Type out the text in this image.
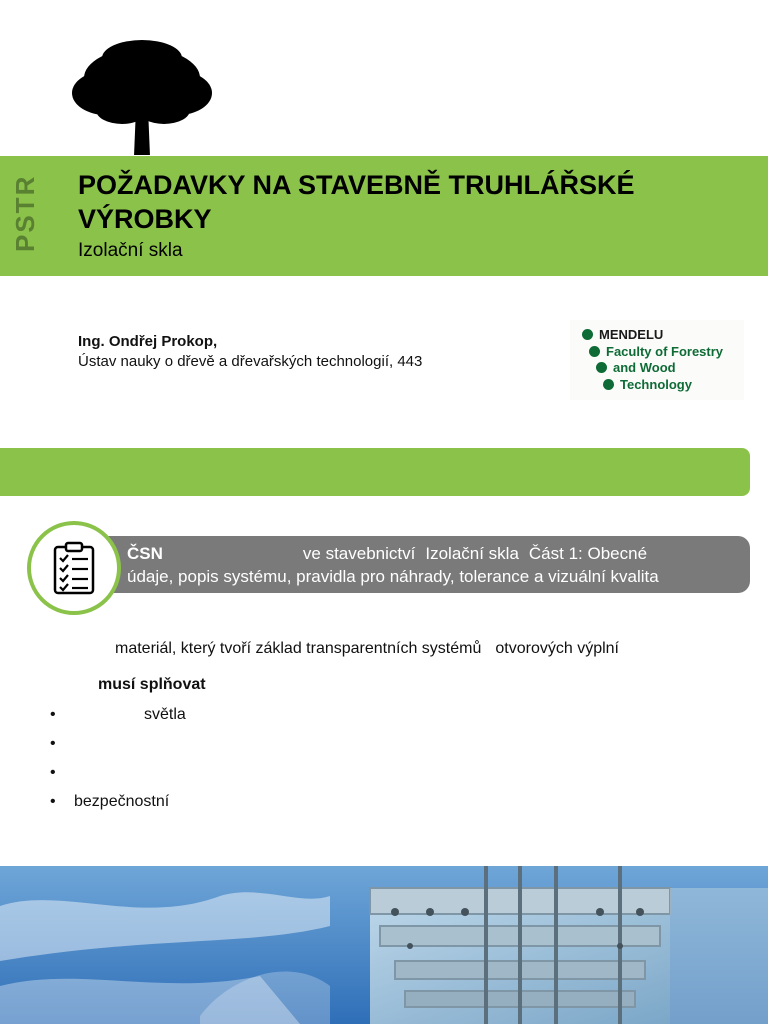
PSTR POŽADAVKY NA STAVEBNĚ TRUHLÁŘSKÉ VÝROBKY
Izolační skla
Ing. Ondřej Prokop,
Ústav nauky o dřevě a dřevařských technologií, 443
MENDELU
Faculty of Forestry
and Wood
Technology
ČSN	ve stavebnictví Izolační skla Část 1: Obecné
údaje, popis systému, pravidla pro náhrady, tolerance a vizuální kvalita
materiál, který tvoří základ transparentních systémů otvorových výplní
musí splňovat
•	světla
•
•
• bezpečnostní
